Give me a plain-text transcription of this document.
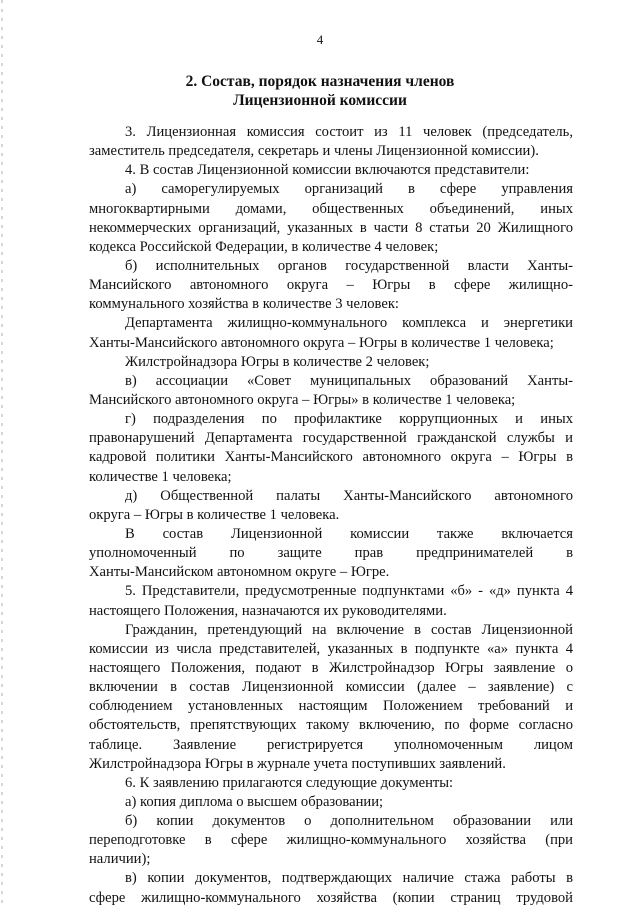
4
2. Состав, порядок назначения членов
Лицензионной комиссии
3. Лицензионная комиссия состоит из 11 человек (председатель,
заместитель председателя, секретарь и члены Лицензионной комиссии).
4. В состав Лицензионной комиссии включаются представители:
а) саморегулируемых организаций в сфере управления
многоквартирными домами, общественных объединений, иных
некоммерческих организаций, указанных в части 8 статьи 20 Жилищного
кодекса Российской Федерации, в количестве 4 человек;
б) исполнительных органов государственной власти Ханты-
Мансийского автономного округа – Югры в сфере жилищно-
коммунального хозяйства в количестве 3 человек:
Департамента жилищно-коммунального комплекса и энергетики
Ханты-Мансийского автономного округа – Югры в количестве 1 человека;
Жилстройнадзора Югры в количестве 2 человек;
в) ассоциации «Совет муниципальных образований Ханты-
Мансийского автономного округа – Югры» в количестве 1 человека;
г) подразделения по профилактике коррупционных и иных
правонарушений Департамента государственной гражданской службы и
кадровой политики Ханты-Мансийского автономного округа – Югры в
количестве 1 человека;
д) Общественной палаты Ханты-Мансийского автономного
округа – Югры в количестве 1 человека.
В состав Лицензионной комиссии также включается
уполномоченный по защите прав предпринимателей в
Ханты-Мансийском автономном округе – Югре.
5. Представители, предусмотренные подпунктами «б» - «д» пункта 4
настоящего Положения, назначаются их руководителями.
Гражданин, претендующий на включение в состав Лицензионной
комиссии из числа представителей, указанных в подпункте «а» пункта 4
настоящего Положения, подают в Жилстройнадзор Югры заявление о
включении в состав Лицензионной комиссии (далее – заявление) с
соблюдением установленных настоящим Положением требований и
обстоятельств, препятствующих такому включению, по форме согласно
таблице. Заявление регистрируется уполномоченным лицом
Жилстройнадзора Югры в журнале учета поступивших заявлений.
6. К заявлению прилагаются следующие документы:
а) копия диплома о высшем образовании;
б) копии документов о дополнительном образовании или
переподготовке в сфере жилищно-коммунального хозяйства (при
наличии);
в) копии документов, подтверждающих наличие стажа работы в
сфере жилищно-коммунального хозяйства (копии страниц трудовой
